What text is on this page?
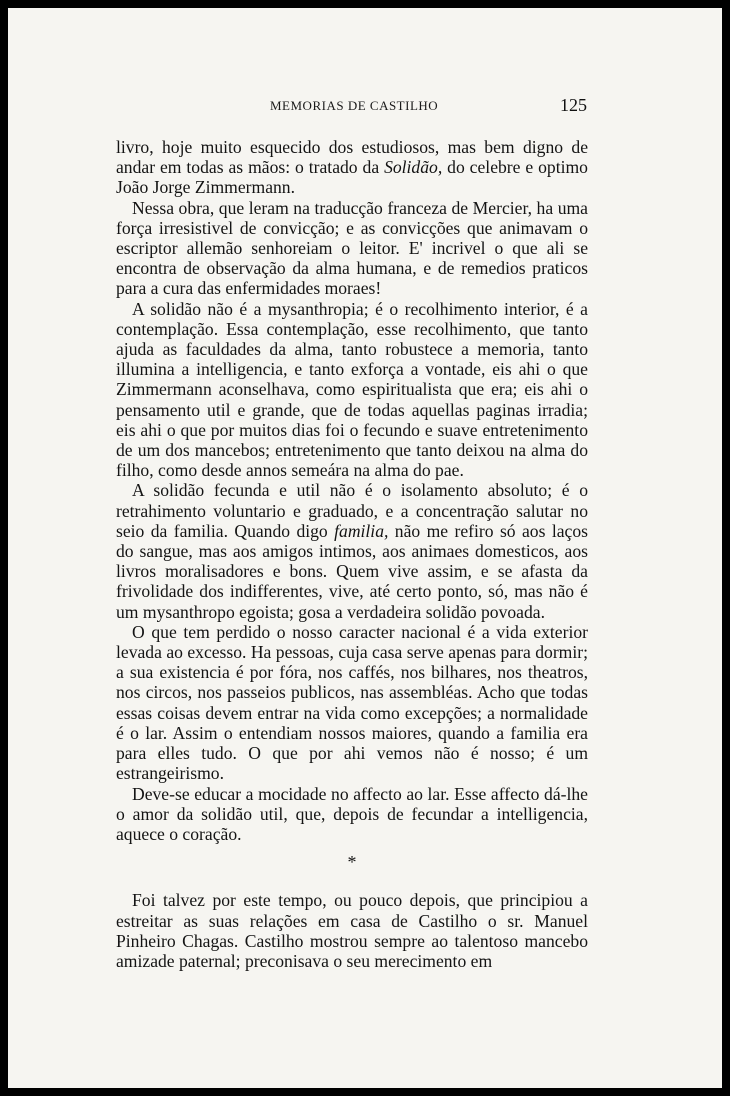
MEMORIAS DE CASTILHO	125

livro, hoje muito esquecido dos estudiosos, mas bem digno de andar em todas as mãos: o tratado da Solidão, do celebre e optimo João Jorge Zimmermann.

Nessa obra, que leram na traducção franceza de Mercier, ha uma força irresistivel de convicção; e as convicções que animavam o escriptor allemão senhoreiam o leitor. E' incrivel o que ali se encontra de observação da alma humana, e de remedios praticos para a cura das enfermidades moraes!

A solidão não é a mysanthropia; é o recolhimento interior, é a contemplação. Essa contemplação, esse recolhimento, que tanto ajuda as faculdades da alma, tanto robustece a memoria, tanto illumina a intelligencia, e tanto exforça a vontade, eis ahi o que Zimmermann aconselhava, como espiritualista que era; eis ahi o pensamento util e grande, que de todas aquellas paginas irradia; eis ahi o que por muitos dias foi o fecundo e suave entretenimento de um dos mancebos; entretenimento que tanto deixou na alma do filho, como desde annos semeára na alma do pae.

A solidão fecunda e util não é o isolamento absoluto; é o retrahimento voluntario e graduado, e a concentração salutar no seio da familia. Quando digo familia, não me refiro só aos laços do sangue, mas aos amigos intimos, aos animaes domesticos, aos livros moralisadores e bons. Quem vive assim, e se afasta da frivolidade dos indifferentes, vive, até certo ponto, só, mas não é um mysanthropo egoista; gosa a verdadeira solidão povoada.

O que tem perdido o nosso caracter nacional é a vida exterior levada ao excesso. Ha pessoas, cuja casa serve apenas para dormir; a sua existencia é por fóra, nos caffés, nos bilhares, nos theatros, nos circos, nos passeios publicos, nas assembléas. Acho que todas essas coisas devem entrar na vida como excepções; a normalidade é o lar. Assim o entendiam nossos maiores, quando a familia era para elles tudo. O que por ahi vemos não é nosso; é um estrangeirismo.

Deve-se educar a mocidade no affecto ao lar. Esse affecto dá-lhe o amor da solidão util, que, depois de fecundar a intelligencia, aquece o coração.

*

Foi talvez por este tempo, ou pouco depois, que principiou a estreitar as suas relações em casa de Castilho o sr. Manuel Pinheiro Chagas. Castilho mostrou sempre ao talentoso mancebo amizade paternal; preconisava o seu merecimento em
